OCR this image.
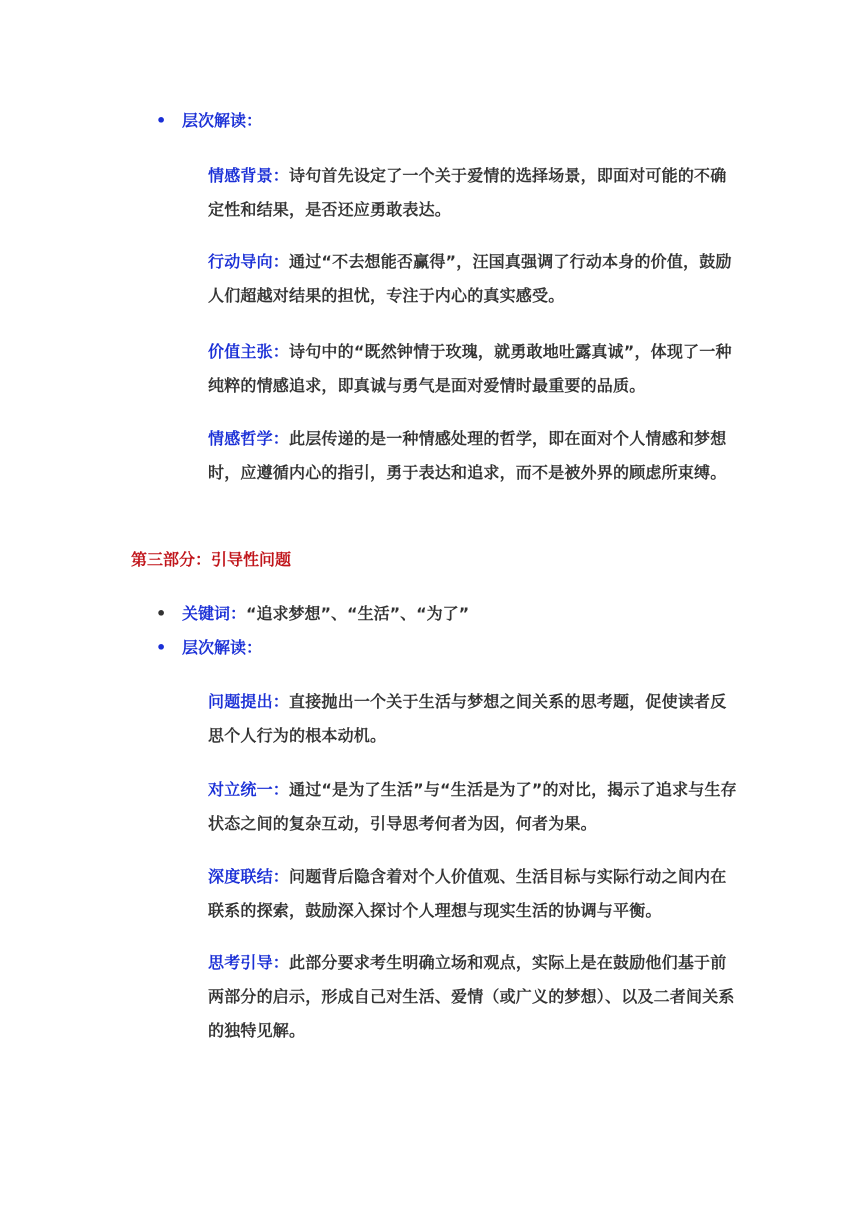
• 层次解读：
情感背景：诗句首先设定了一个关于爱情的选择场景，即面对可能的不确定性和结果，是否还应勇敢表达。
行动导向：通过“不去想能否赢得”，汪国真强调了行动本身的价值，鼓励人们超越对结果的担忧，专注于内心的真实感受。
价值主张：诗句中的“既然钟情于玫瑰，就勇敢地吐露真诚”，体现了一种纯粹的情感追求，即真诚与勇气是面对爱情时最重要的品质。
情感哲学：此层传递的是一种情感处理的哲学，即在面对个人情感和梦想时，应遵循内心的指引，勇于表达和追求，而不是被外界的顾虑所束缚。
第三部分：引导性问题
• 关键词：“追求梦想”、“生活”、“为了”
• 层次解读：
问题提出：直接抛出一个关于生活与梦想之间关系的思考题，促使读者反思个人行为的根本动机。
对立统一：通过“是为了生活”与“生活是为了”的对比，揭示了追求与生存状态之间的复杂互动，引导思考何者为因，何者为果。
深度联结：问题背后隐含着对个人价值观、生活目标与实际行动之间内在联系的探索，鼓励深入探讨个人理想与现实生活的协调与平衡。
思考引导：此部分要求考生明确立场和观点，实际上是在鼓励他们基于前两部分的启示，形成自己对生活、爱情（或广义的梦想）、以及二者间关系的独特见解。
